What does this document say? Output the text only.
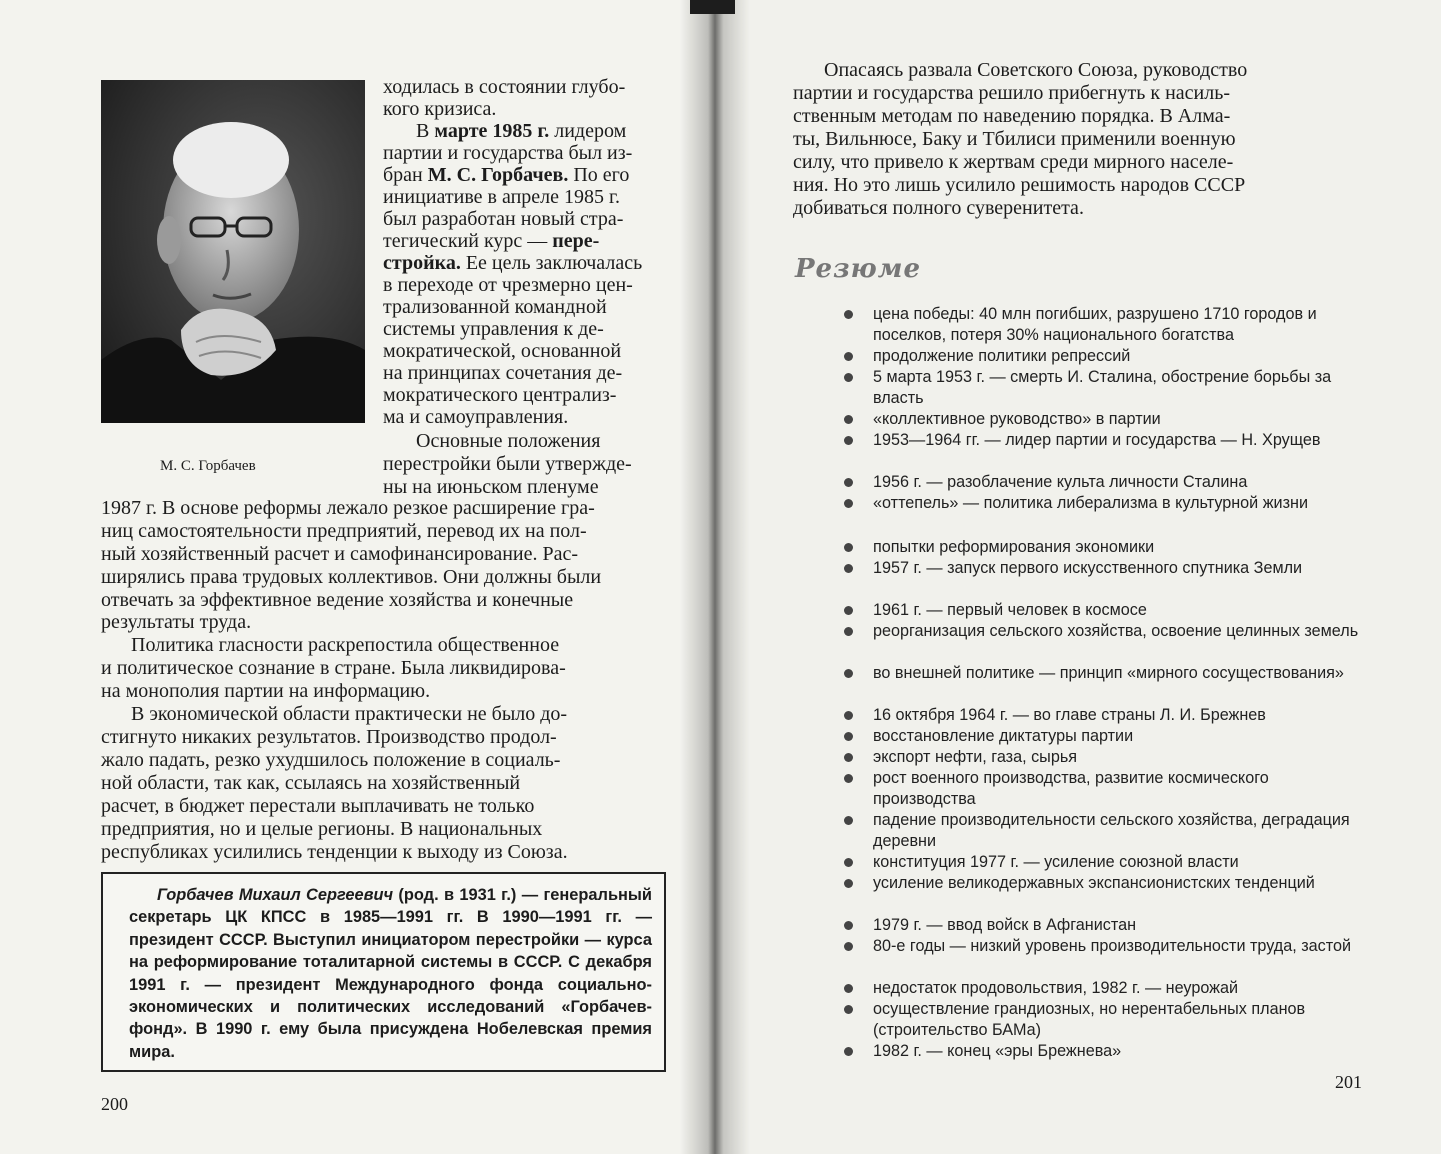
М. С. Горбачев
ходилась в состоянии глубо-
кого кризиса.
В марте 1985 г. лидером
партии и государства был из-
бран М. С. Горбачев. По его
инициативе в апреле 1985 г.
был разработан новый стра-
тегический курс — пере-
стройка. Ее цель заключалась
в переходе от чрезмерно цен-
трализованной командной
системы управления к де-
мократической, основанной
на принципах сочетания де-
мократического централиз-
ма и самоуправления.
Основные положения
перестройки были утвержде-
ны на июньском пленуме
1987 г. В основе реформы лежало резкое расширение гра-
ниц самостоятельности предприятий, перевод их на пол-
ный хозяйственный расчет и самофинансирование. Рас-
ширялись права трудовых коллективов. Они должны были
отвечать за эффективное ведение хозяйства и конечные
результаты труда.
Политика гласности раскрепостила общественное
и политическое сознание в стране. Была ликвидирова-
на монополия партии на информацию.
В экономической области практически не было до-
стигнуто никаких результатов. Производство продол-
жало падать, резко ухудшилось положение в социаль-
ной области, так как, ссылаясь на хозяйственный
расчет, в бюджет перестали выплачивать не только
предприятия, но и целые регионы. В национальных
республиках усилились тенденции к выходу из Союза.

Горбачев Михаил Сергеевич (род. в 1931 г.) — генеральный секретарь ЦК КПСС в 1985—1991 гг. В 1990—1991 гг. — президент СССР. Выступил инициатором перестройки — курса на реформирование тоталитарной системы в СССР. С декабря 1991 г. — президент Международного фонда социально-экономических и политических исследований «Горбачев-фонд». В 1990 г. ему была присуждена Нобелевская премия мира.

200
Опасаясь развала Советского Союза, руководство
партии и государства решило прибегнуть к насиль-
ственным методам по наведению порядка. В Алма-
ты, Вильнюсе, Баку и Тбилиси применили военную
силу, что привело к жертвам среди мирного населе-
ния. Но это лишь усилило решимость народов СССР
добиваться полного суверенитета.
Резюме
цена победы: 40 млн погибших, разрушено 1710 городов и поселков, потеря 30% национального богатства
продолжение политики репрессий
5 марта 1953 г. — смерть И. Сталина, обострение борьбы за власть
«коллективное руководство» в партии
1953—1964 гг. — лидер партии и государства — Н. Хрущев
1956 г. — разоблачение культа личности Сталина
«оттепель» — политика либерализма в культурной жизни
попытки реформирования экономики
1957 г. — запуск первого искусственного спутника Земли
1961 г. — первый человек в космосе
реорганизация сельского хозяйства, освоение целинных земель
во внешней политике — принцип «мирного сосуществования»
16 октября 1964 г. — во главе страны Л. И. Брежнев
восстановление диктатуры партии
экспорт нефти, газа, сырья
рост военного производства, развитие космического производства
падение производительности сельского хозяйства, деградация деревни
конституция 1977 г. — усиление союзной власти
усиление великодержавных экспансионистских тенденций
1979 г. — ввод войск в Афганистан
80-е годы — низкий уровень производительности труда, застой
недостаток продовольствия, 1982 г. — неурожай
осуществление грандиозных, но нерентабельных планов (строительство БАМа)
1982 г. — конец «эры Брежнева»
201
